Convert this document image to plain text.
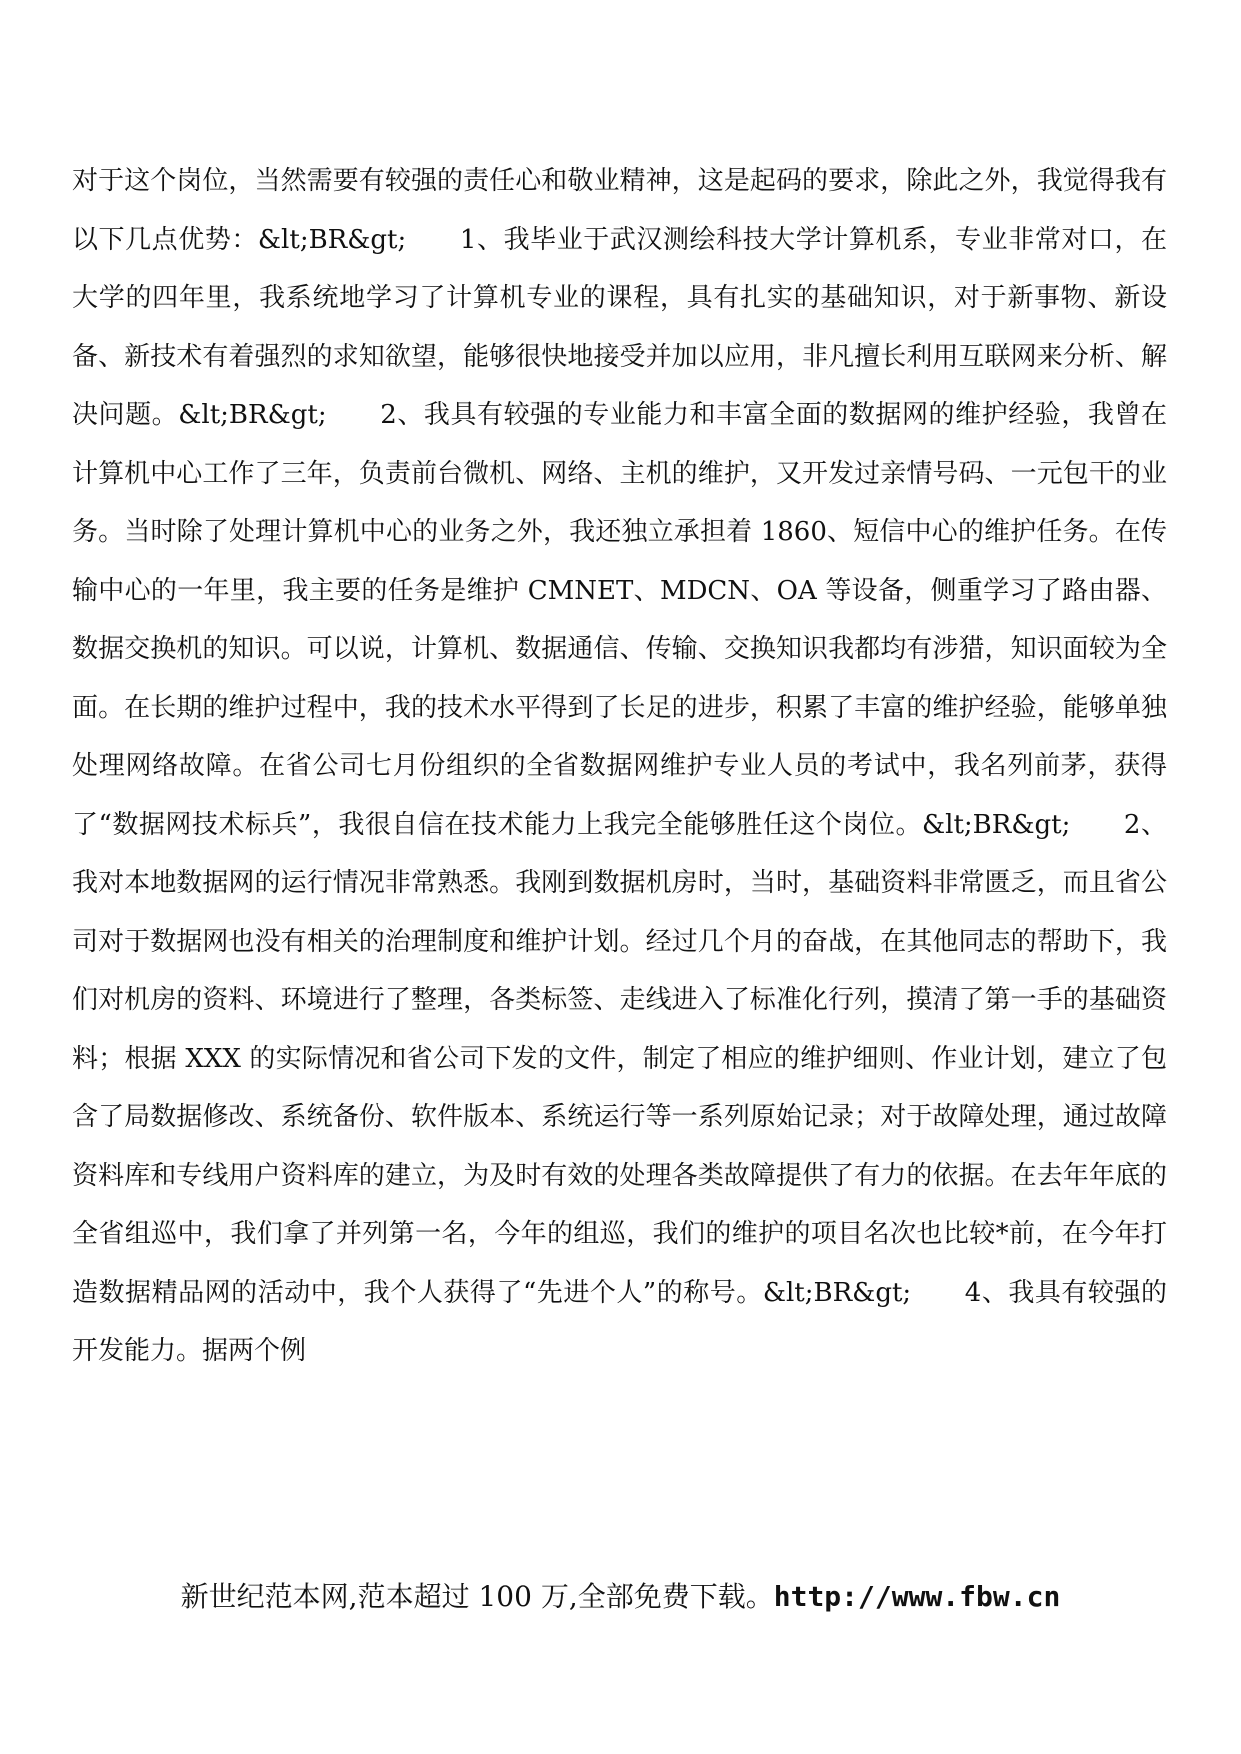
对于这个岗位，当然需要有较强的责任心和敬业精神，这是起码的要求，除此之外，我觉得我有以下几点优势：&lt;BR&gt;　　1、我毕业于武汉测绘科技大学计算机系，专业非常对口，在大学的四年里，我系统地学习了计算机专业的课程，具有扎实的基础知识，对于新事物、新设备、新技术有着强烈的求知欲望，能够很快地接受并加以应用，非凡擅长利用互联网来分析、解决问题。&lt;BR&gt;　　2、我具有较强的专业能力和丰富全面的数据网的维护经验，我曾在计算机中心工作了三年，负责前台微机、网络、主机的维护，又开发过亲情号码、一元包干的业务。当时除了处理计算机中心的业务之外，我还独立承担着 1860、短信中心的维护任务。在传输中心的一年里，我主要的任务是维护 CMNET、MDCN、OA 等设备，侧重学习了路由器、数据交换机的知识。可以说，计算机、数据通信、传输、交换知识我都均有涉猎，知识面较为全面。在长期的维护过程中，我的技术水平得到了长足的进步，积累了丰富的维护经验，能够单独处理网络故障。在省公司七月份组织的全省数据网维护专业人员的考试中，我名列前茅，获得了“数据网技术标兵”，我很自信在技术能力上我完全能够胜任这个岗位。&lt;BR&gt;　　2、我对本地数据网的运行情况非常熟悉。我刚到数据机房时，当时，基础资料非常匮乏，而且省公司对于数据网也没有相关的治理制度和维护计划。经过几个月的奋战，在其他同志的帮助下，我们对机房的资料、环境进行了整理，各类标签、走线进入了标准化行列，摸清了第一手的基础资料；根据 XXX 的实际情况和省公司下发的文件，制定了相应的维护细则、作业计划，建立了包含了局数据修改、系统备份、软件版本、系统运行等一系列原始记录；对于故障处理，通过故障资料库和专线用户资料库的建立，为及时有效的处理各类故障提供了有力的依据。在去年年底的全省组巡中，我们拿了并列第一名，今年的组巡，我们的维护的项目名次也比较*前，在今年打造数据精品网的活动中，我个人获得了“先进个人”的称号。&lt;BR&gt;　　4、我具有较强的开发能力。据两个例

新世纪范本网,范本超过 100 万,全部免费下载。http://www.fbw.cn
